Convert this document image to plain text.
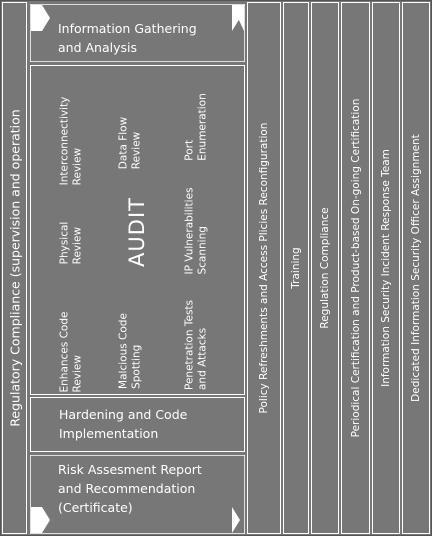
Regulatory Compliance (supervision and operation
Information Gathering
and Analysis
AUDIT
Interconnectivity
Review	Data Flow
Review	Port
Enumeration
Physical
Review
IP Vulnerabilities
Scanning
Enhances Code
Review	Malcious Code
Spotting	Penetration Tests
and Attacks
Hardening and Code
Implementation
Risk Assesment Report
and Recommendation
(Certificate)
Policy Refreshments and Access Plicies Reconfiguration Training Regulation Compliance Periodical Certification and Product-based On-going Certification Information Security Incident Response Team Dedicated Information Security Officer Assignment
